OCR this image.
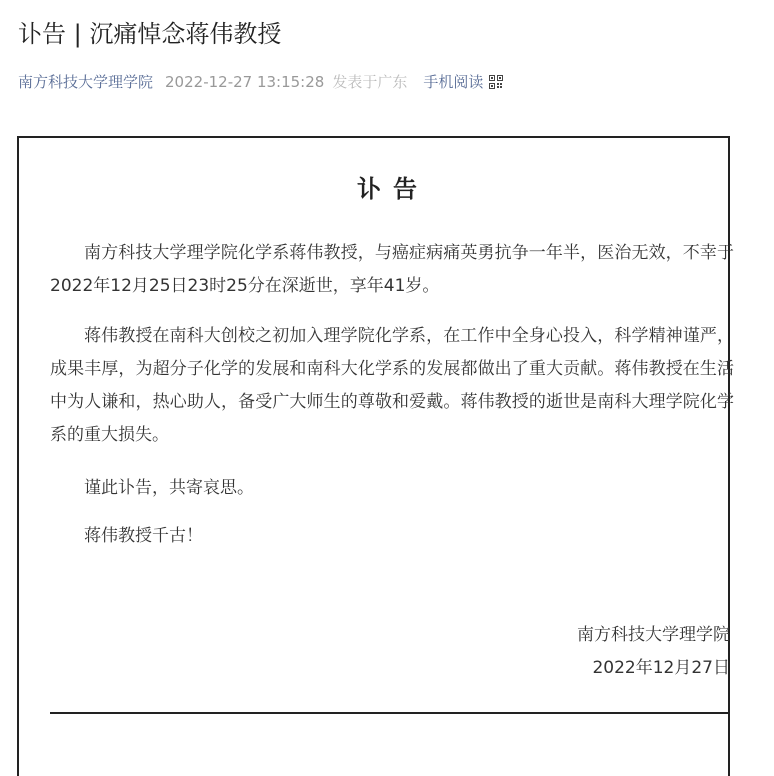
讣告 | 沉痛悼念蒋伟教授
南方科技大学理学院 2022-12-27 13:15:28 发表于广东 手机阅读
讣告

南方科技大学理学院化学系蒋伟教授，与癌症病痛英勇抗争一年半，医治无效，不幸于2022年12月25日23时25分在深逝世，享年41岁。

蒋伟教授在南科大创校之初加入理学院化学系，在工作中全身心投入，科学精神谨严，成果丰厚，为超分子化学的发展和南科大化学系的发展都做出了重大贡献。蒋伟教授在生活中为人谦和，热心助人，备受广大师生的尊敬和爱戴。蒋伟教授的逝世是南科大理学院化学系的重大损失。

谨此讣告，共寄哀思。

蒋伟教授千古！

南方科技大学理学院
2022年12月27日
